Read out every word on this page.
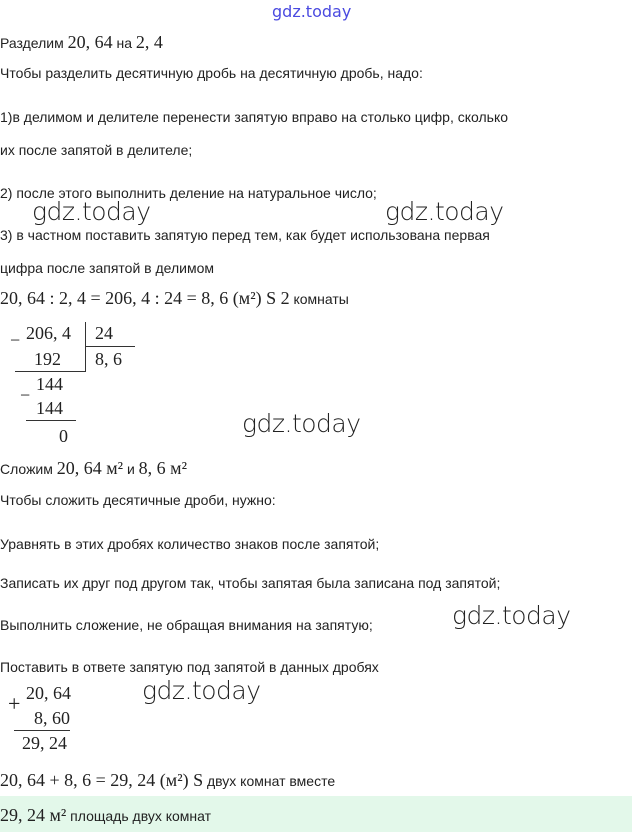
gdz.today
Разделим 20, 64 на 2, 4
Чтобы разделить десятичную дробь на десятичную дробь, надо:
1)в делимом и делителе перенести запятую вправо на столько цифр, сколько
их после запятой в делителе;
2) после этого выполнить деление на натуральное число;
gdz.today	gdz.today
3) в частном поставить запятую перед тем, как будет использована первая
цифра после запятой в делимом
20, 64 : 2, 4 = 206, 4 : 24 = 8, 6 (м²) S 2 комнаты
− 206, 4 24
192 8, 6
144
−
144
0	gdz.today
Сложим 20, 64 м² и 8, 6 м²
Чтобы сложить десятичные дроби, нужно:
Уравнять в этих дробях количество знаков после запятой;
Записать их друг под другом так, чтобы запятая была записана под запятой;
Выполнить сложение, не обращая внимания на запятую;	gdz.today
Поставить в ответе запятую под запятой в данных дробях
+ 20, 64
8, 60
29, 24
gdz.today
20, 64 + 8, 6 = 29, 24 (м²) S двух комнат вместе
29, 24 м² площадь двух комнат
